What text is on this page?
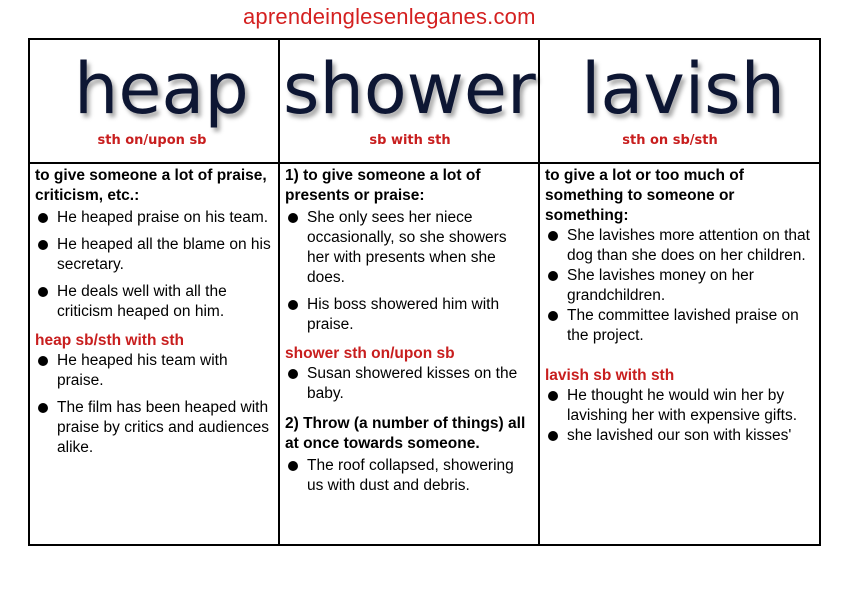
aprendeinglesenleganes.com
heap
sth on/upon sb
shower
sb with sth
lavish
sth on sb/sth
to give someone a lot of praise, criticism, etc.:
He heaped praise on his team.
He heaped all the blame on his secretary.
He deals well with all the criticism heaped on him.
heap sb/sth with sth
He heaped his team with praise.
The film has been heaped with praise by critics and audiences alike.
1) to give someone a lot of presents or praise:
She only sees her niece occasionally, so she showers her with presents when she does.
His boss showered him with praise.
shower sth on/upon sb
Susan showered kisses on the baby.
2) Throw (a number of things) all at once towards someone.
The roof collapsed, showering us with dust and debris.
to give a lot or too much of something to someone or something:
She lavishes more attention on that dog than she does on her children.
She lavishes money on her grandchildren.
The committee lavished praise on the project.
lavish sb with sth
He thought he would win her by lavishing her with expensive gifts.
she lavished our son with kisses'
